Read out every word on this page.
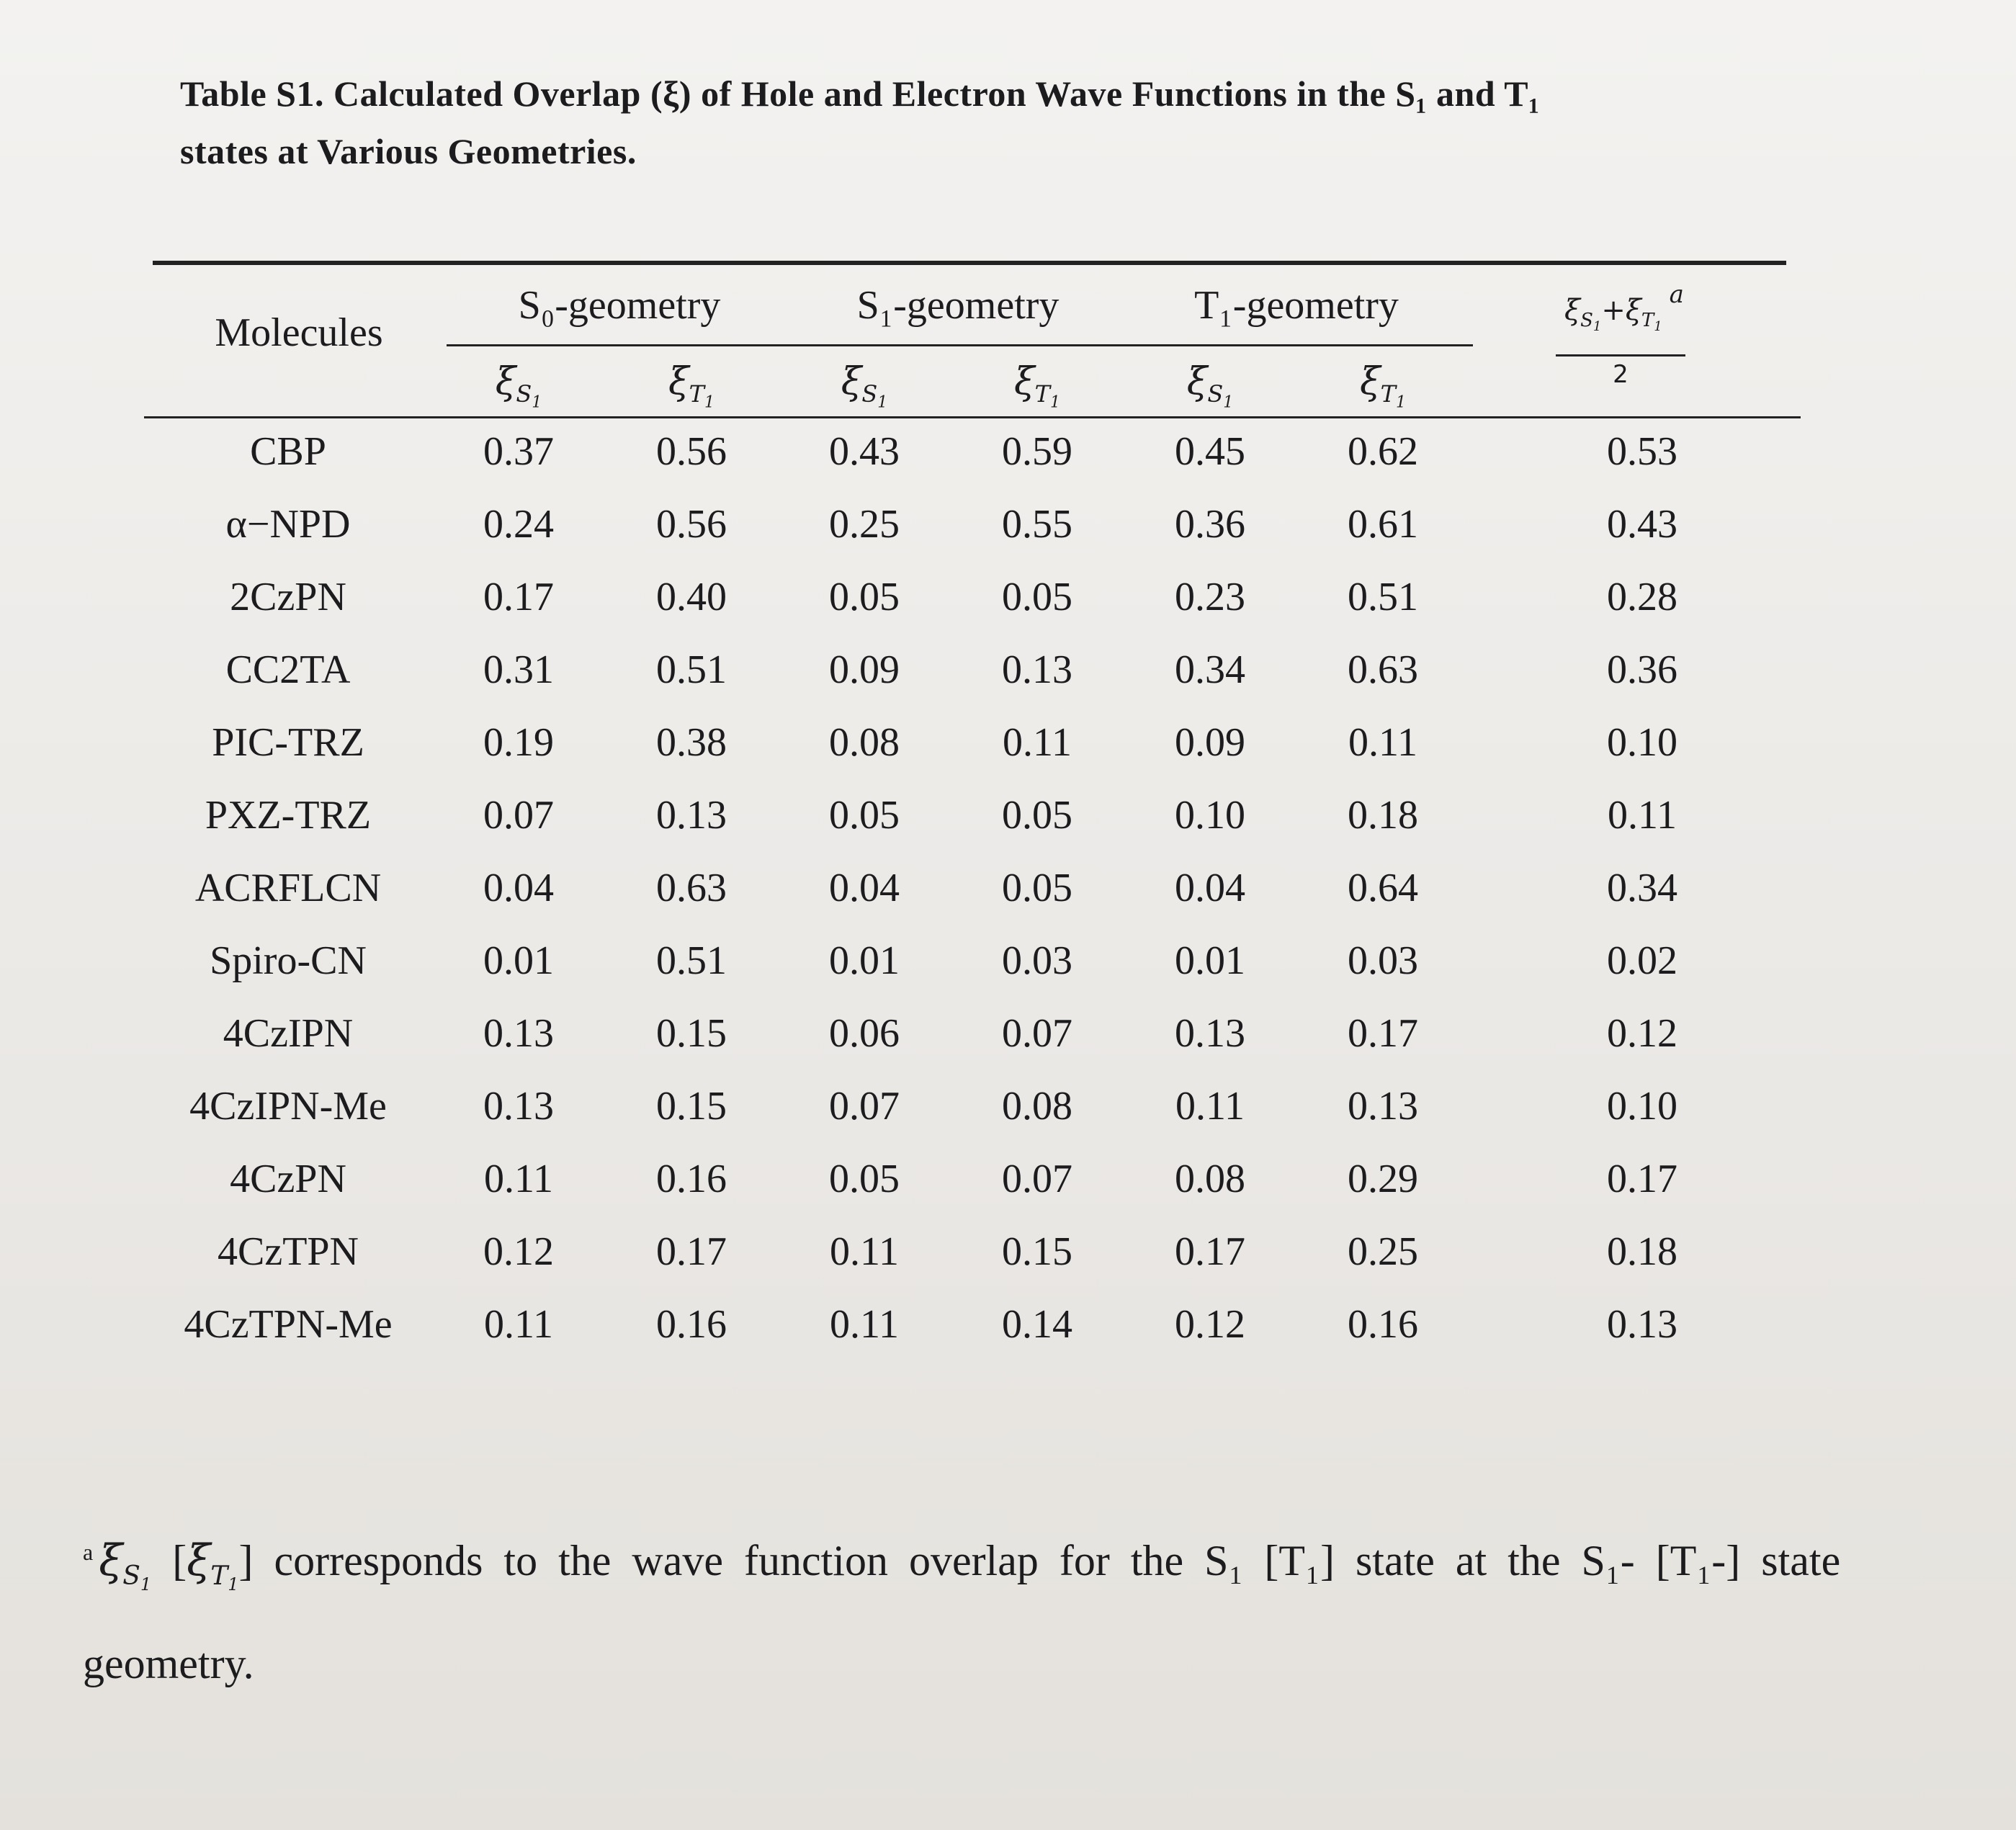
Table S1. Calculated Overlap (ξ) of Hole and Electron Wave Functions in the S₁ and T₁
states at Various Geometries.
Molecules
S₀-geometry	S₁-geometry	T₁-geometry
$\xi_{S_1}$	$\xi_{T_1}$	$\xi_{S_1}$	$\xi_{T_1}$	$\xi_{S_1}$	$\xi_{T_1}$
$\xi_{S_1}+\xi_{T_1}^a$
2
CBP	0.37	0.56	0.43	0.59	0.45	0.62	0.53
α−NPD	0.24	0.56	0.25	0.55	0.36	0.61	0.43
2CzPN	0.17	0.40	0.05	0.05	0.23	0.51	0.28
CC2TA	0.31	0.51	0.09	0.13	0.34	0.63	0.36
PIC-TRZ	0.19	0.38	0.08	0.11	0.09	0.11	0.10
PXZ-TRZ	0.07	0.13	0.05	0.05	0.10	0.18	0.11
ACRFLCN	0.04	0.63	0.04	0.05	0.04	0.64	0.34
Spiro-CN	0.01	0.51	0.01	0.03	0.01	0.03	0.02
4CzIPN	0.13	0.15	0.06	0.07	0.13	0.17	0.12
4CzIPN-Me 0.13	0.15	0.07	0.08	0.11	0.13	0.10
4CzPN	0.11	0.16	0.05	0.07	0.08	0.29	0.17
4CzTPN	0.12	0.17	0.11	0.15	0.17	0.25	0.18
4CzTPN-Me 0.11	0.16	0.11	0.14	0.12	0.16	0.13
$^a$ $\xi_{S_1}$ $[\xi_{T_1}]$ corresponds to the wave function overlap for the S₁ [T₁] state at the S₁- [T₁-] state
geometry.
